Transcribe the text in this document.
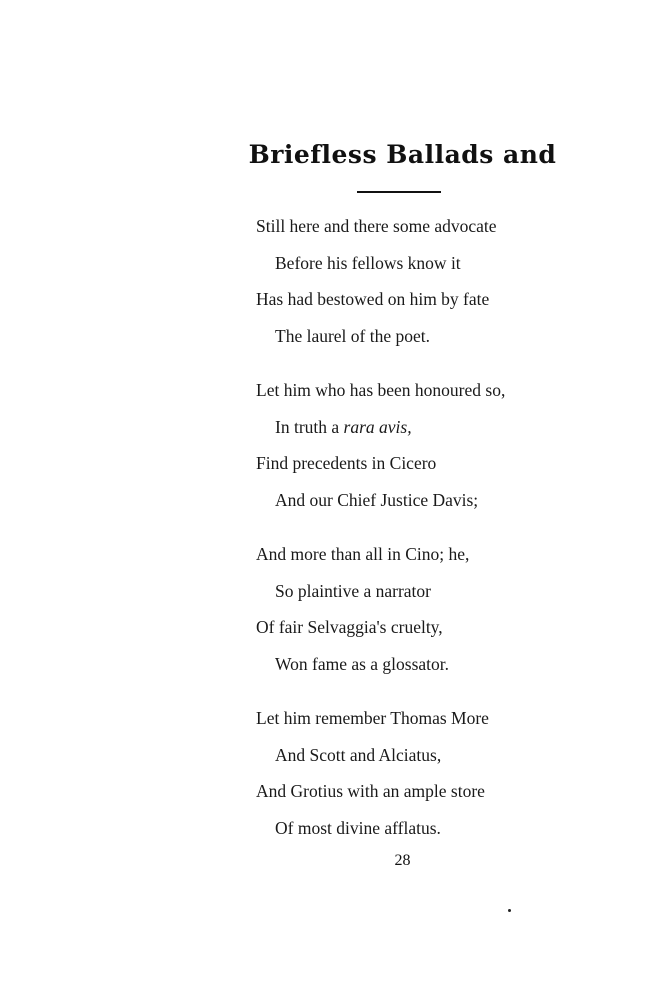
Briefless Ballads and
Still here and there some advocate
Before his fellows know it
Has had bestowed on him by fate
The laurel of the poet.
Let him who has been honoured so,
In truth a rara avis,
Find precedents in Cicero
And our Chief Justice Davis;
And more than all in Cino; he,
So plaintive a narrator
Of fair Selvaggia's cruelty,
Won fame as a glossator.
Let him remember Thomas More
And Scott and Alciatus,
And Grotius with an ample store
Of most divine afflatus.
28
